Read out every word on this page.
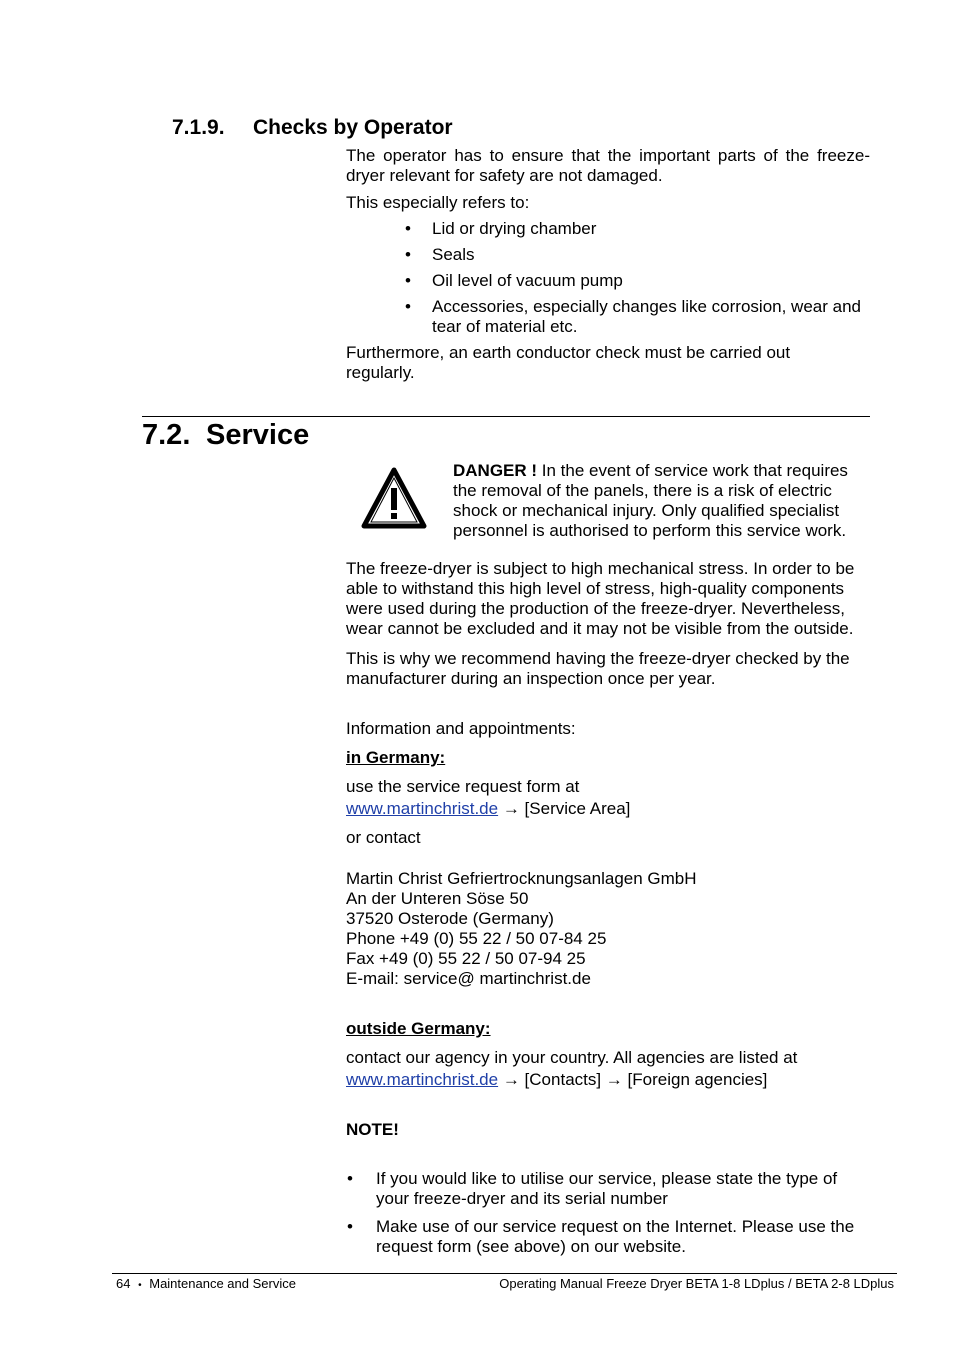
7.1.9. Checks by Operator

The operator has to ensure that the important parts of the freeze-dryer relevant for safety are not damaged.

This especially refers to:

• Lid or drying chamber
• Seals
• Oil level of vacuum pump
• Accessories, especially changes like corrosion, wear and tear of material etc.

Furthermore, an earth conductor check must be carried out regularly.

7.2. Service
DANGER ! In the event of service work that requires the removal of the panels, there is a risk of electric shock or mechanical injury. Only qualified specialist personnel is authorised to perform this service work.

The freeze-dryer is subject to high mechanical stress. In order to be able to withstand this high level of stress, high-quality components were used during the production of the freeze-dryer. Nevertheless, wear cannot be excluded and it may not be visible from the outside.

This is why we recommend having the freeze-dryer checked by the manufacturer during an inspection once per year.

Information and appointments:

in Germany:

use the service request form at

www.martinchrist.de → [Service Area]

or contact

Martin Christ Gefriertrocknungsanlagen GmbH
An der Unteren Söse 50
37520 Osterode (Germany)
Phone +49 (0) 55 22 / 50 07-84 25
Fax +49 (0) 55 22 / 50 07-94 25
E-mail: service@ martinchrist.de

outside Germany:

contact our agency in your country. All agencies are listed at

www.martinchrist.de → [Contacts] → [Foreign agencies]

NOTE!

• If you would like to utilise our service, please state the type of your freeze-dryer and its serial number
• Make use of our service request on the Internet. Please use the request form (see above) on our website.
64 • Maintenance and Service	Operating Manual Freeze Dryer BETA 1-8 LDplus / BETA 2-8 LDplus
